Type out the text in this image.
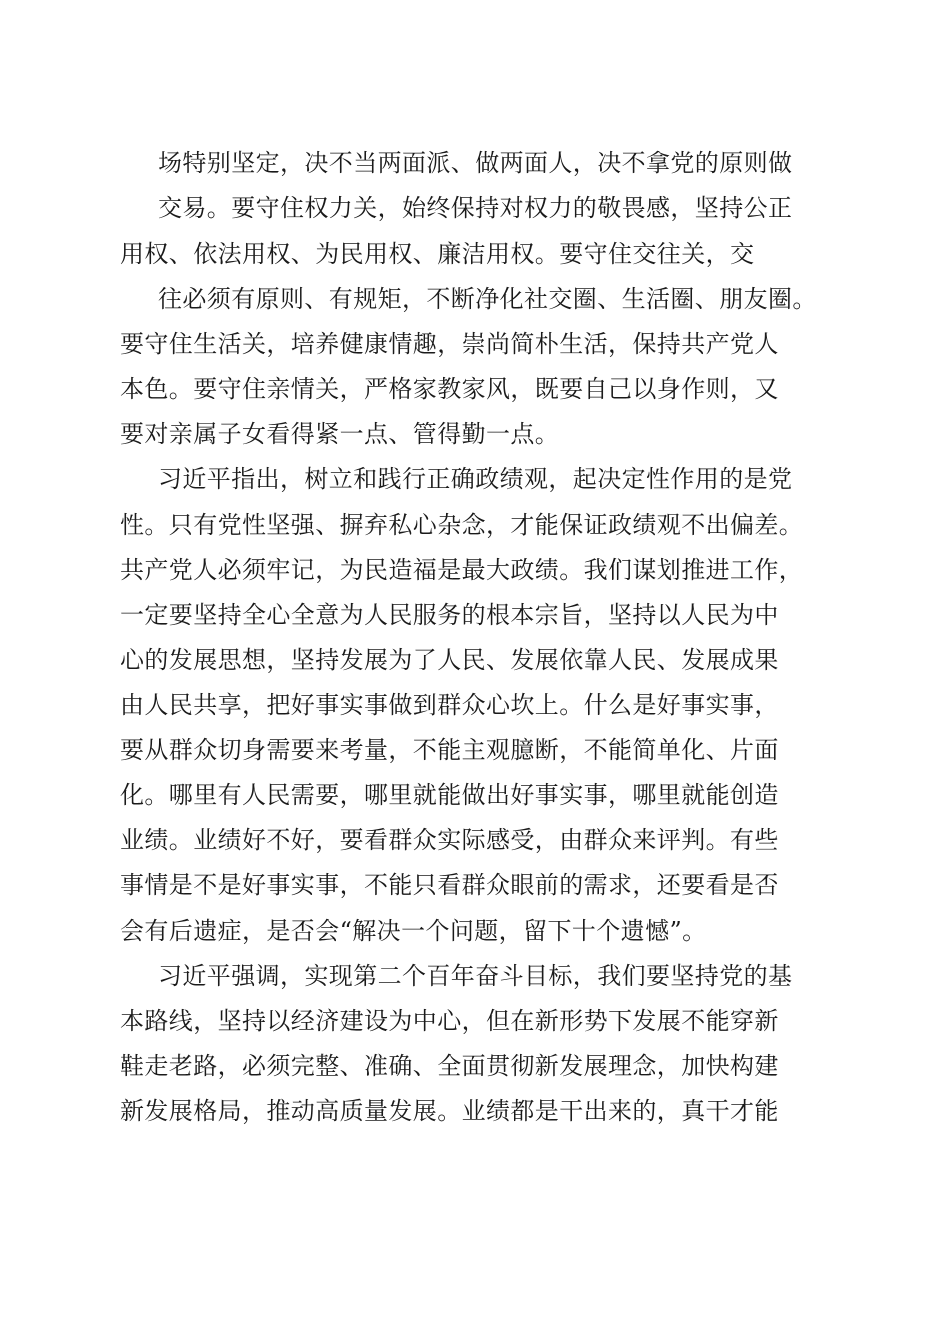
场特别坚定，决不当两面派、做两面人，决不拿党的原则做
交易。要守住权力关，始终保持对权力的敬畏感，坚持公正
用权、依法用权、为民用权、廉洁用权。要守住交往关，交
往必须有原则、有规矩，不断净化社交圈、生活圈、朋友圈。
要守住生活关，培养健康情趣，崇尚简朴生活，保持共产党人
本色。要守住亲情关，严格家教家风，既要自己以身作则，又
要对亲属子女看得紧一点、管得勤一点。
习近平指出，树立和践行正确政绩观，起决定性作用的是党
性。只有党性坚强、摒弃私心杂念，才能保证政绩观不出偏差。
共产党人必须牢记，为民造福是最大政绩。我们谋划推进工作，
一定要坚持全心全意为人民服务的根本宗旨，坚持以人民为中
心的发展思想，坚持发展为了人民、发展依靠人民、发展成果
由人民共享，把好事实事做到群众心坎上。什么是好事实事，
要从群众切身需要来考量，不能主观臆断，不能简单化、片面
化。哪里有人民需要，哪里就能做出好事实事，哪里就能创造
业绩。业绩好不好，要看群众实际感受，由群众来评判。有些
事情是不是好事实事，不能只看群众眼前的需求，还要看是否
会有后遗症，是否会“解决一个问题，留下十个遗憾”。
习近平强调，实现第二个百年奋斗目标，我们要坚持党的基
本路线，坚持以经济建设为中心，但在新形势下发展不能穿新
鞋走老路，必须完整、准确、全面贯彻新发展理念，加快构建
新发展格局，推动高质量发展。业绩都是干出来的，真干才能
